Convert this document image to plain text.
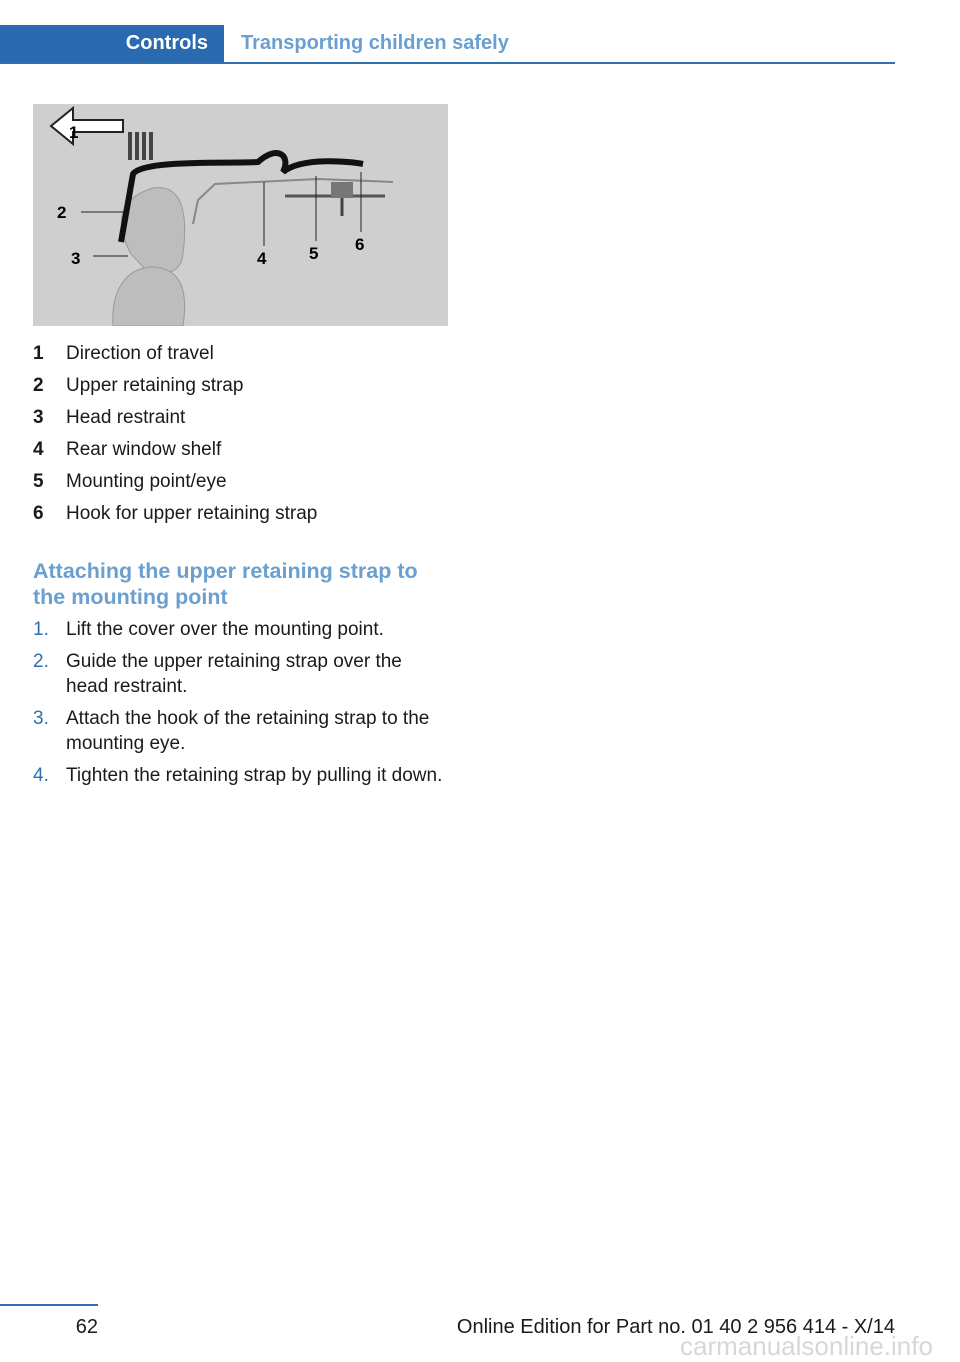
Controls	Transporting children safely
1
2
3	4	5 6
1	Direction of travel
2	Upper retaining strap
3	Head restraint
4	Rear window shelf
5	Mounting point/eye
6	Hook for upper retaining strap
Attaching the upper retaining strap to the mounting point
1. Lift the cover over the mounting point.
2. Guide the upper retaining strap over the head restraint.
3. Attach the hook of the retaining strap to the mounting eye.
4. Tighten the retaining strap by pulling it down.
62	Online Edition for Part no. 01 40 2 956 414 - X/14
carmanualsonline.info
